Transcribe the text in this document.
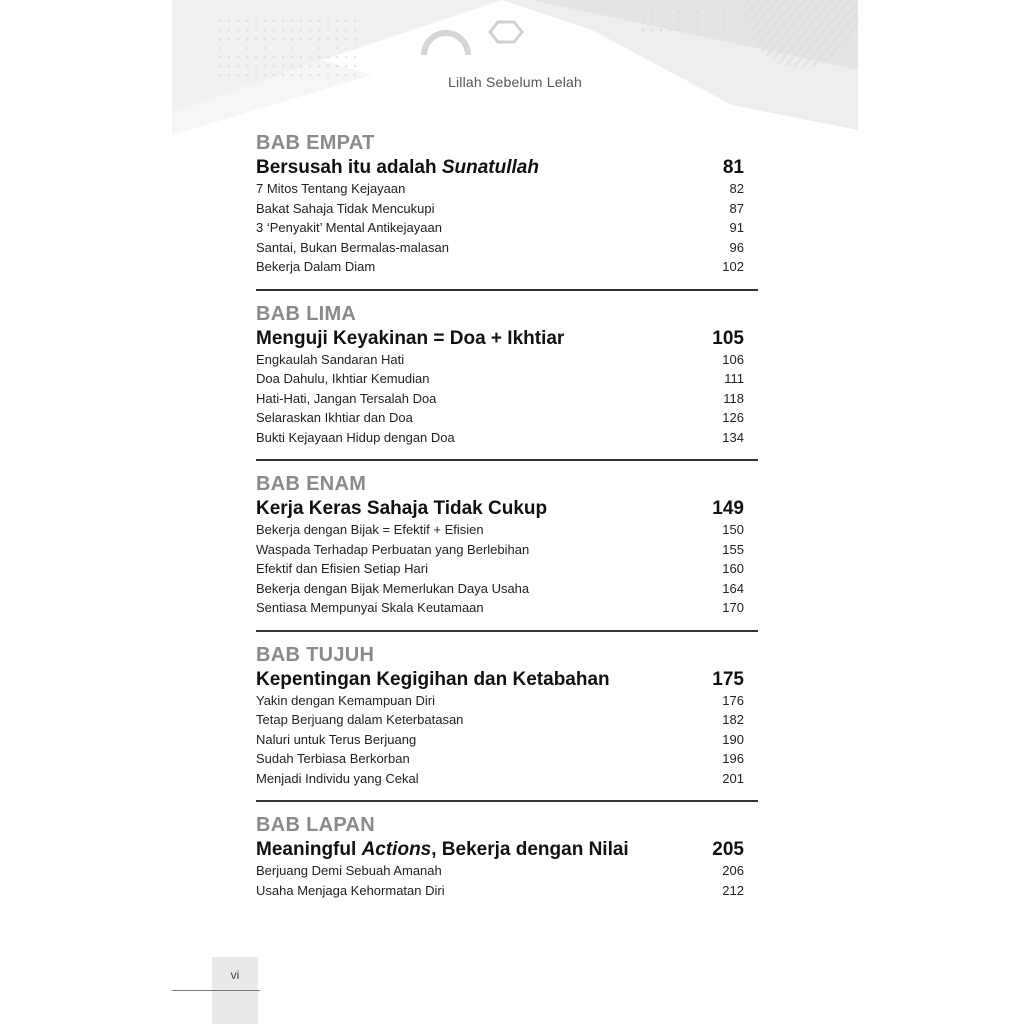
Lillah Sebelum Lelah
BAB EMPAT
Bersusah itu adalah Sunatullah	81
7 Mitos Tentang Kejayaan	82
Bakat Sahaja Tidak Mencukupi	87
3 ‘Penyakit’ Mental Antikejayaan	91
Santai, Bukan Bermalas-malasan	96
Bekerja Dalam Diam	102
BAB LIMA
Menguji Keyakinan = Doa + Ikhtiar	105
Engkaulah Sandaran Hati	106
Doa Dahulu, Ikhtiar Kemudian	111
Hati-Hati, Jangan Tersalah Doa	118
Selaraskan Ikhtiar dan Doa	126
Bukti Kejayaan Hidup dengan Doa	134
BAB ENAM
Kerja Keras Sahaja Tidak Cukup	149
Bekerja dengan Bijak = Efektif + Efisien	150
Waspada Terhadap Perbuatan yang Berlebihan	155
Efektif dan Efisien Setiap Hari	160
Bekerja dengan Bijak Memerlukan Daya Usaha	164
Sentiasa Mempunyai Skala Keutamaan	170
BAB TUJUH
Kepentingan Kegigihan dan Ketabahan	175
Yakin dengan Kemampuan Diri	176
Tetap Berjuang dalam Keterbatasan	182
Naluri untuk Terus Berjuang	190
Sudah Terbiasa Berkorban	196
Menjadi Individu yang Cekal	201
BAB LAPAN
Meaningful Actions, Bekerja dengan Nilai	205
Berjuang Demi Sebuah Amanah	206
Usaha Menjaga Kehormatan Diri	212
vi
